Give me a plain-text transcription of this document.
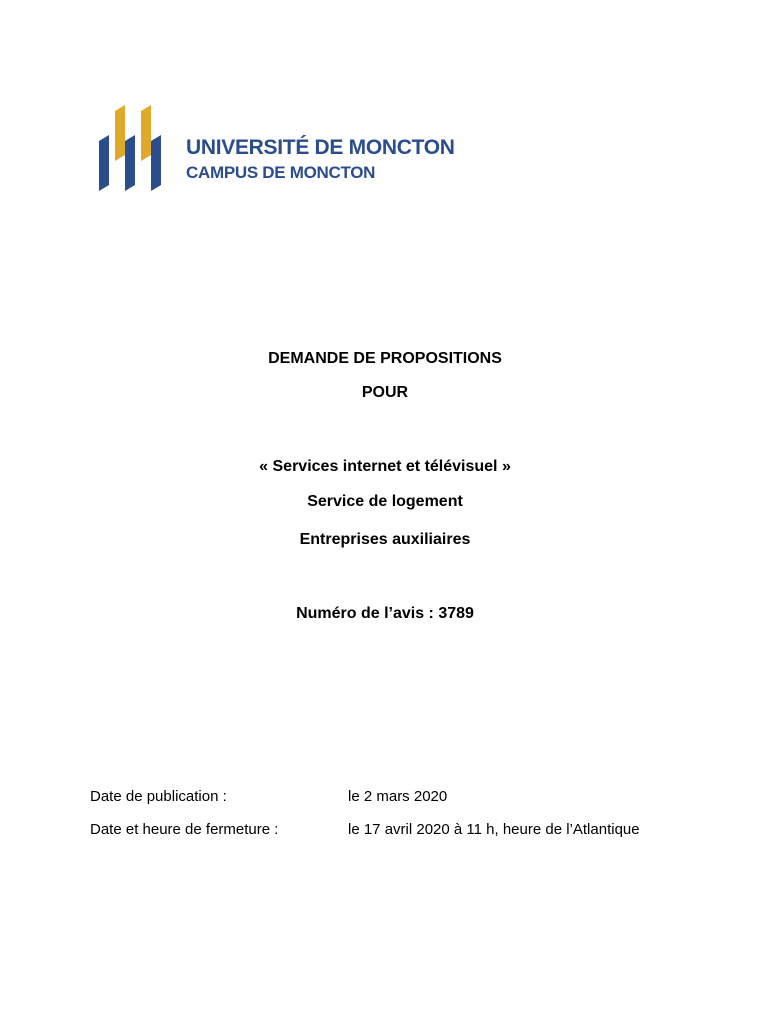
UNIVERSITÉ DE MONCTON
CAMPUS DE MONCTON
DEMANDE DE PROPOSITIONS
POUR
« Services internet et télévisuel »
Service de logement
Entreprises auxiliaires
Numéro de l’avis : 3789
Date de publication :	le 2 mars 2020
Date et heure de fermeture :	le 17 avril 2020 à 11 h, heure de l’Atlantique
